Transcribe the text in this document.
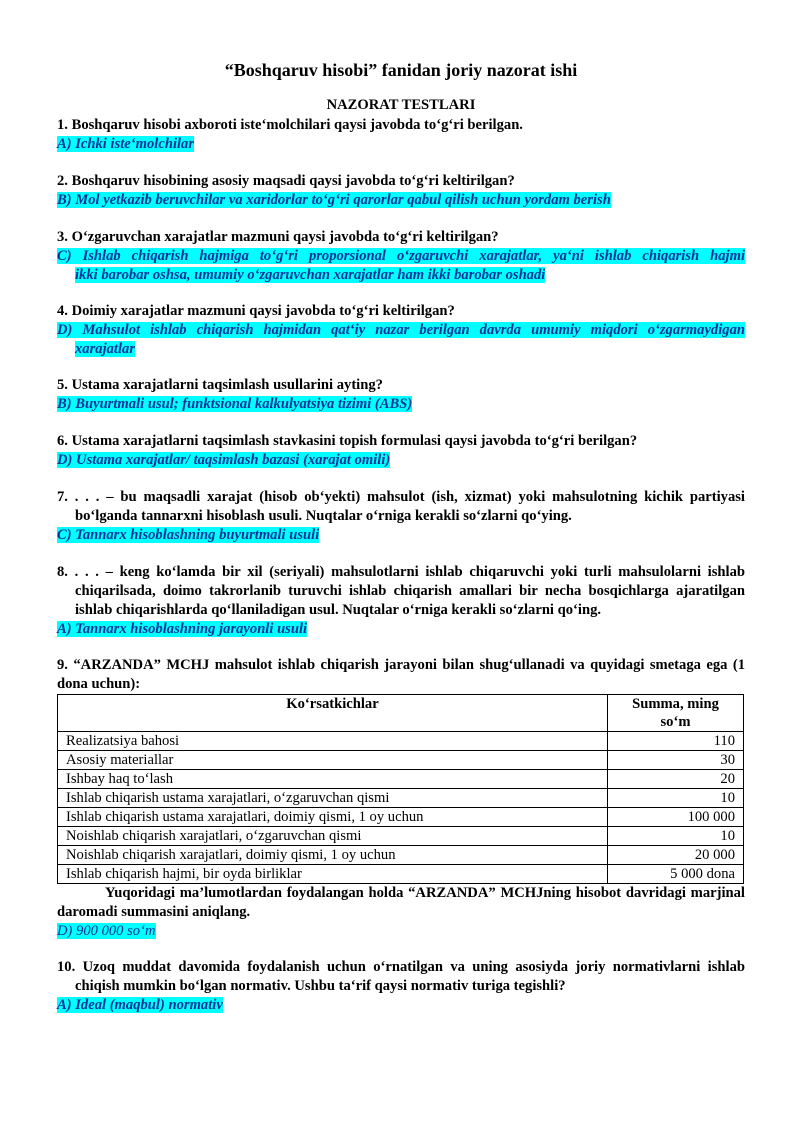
“Boshqaruv hisobi” fanidan joriy nazorat ishi
NAZORAT TESTLARI
1. Boshqaruv hisobi axboroti iste‘molchilari qaysi javobda to‘g‘ri berilgan.
A) Ichki iste‘molchilar
2. Boshqaruv hisobining asosiy maqsadi qaysi javobda to‘g‘ri keltirilgan?
B) Mol yetkazib beruvchilar va xaridorlar to‘g‘ri qarorlar qabul qilish uchun yordam berish
3. O‘zgaruvchan xarajatlar mazmuni qaysi javobda to‘g‘ri keltirilgan?
C) Ishlab chiqarish hajmiga to‘g‘ri proporsional o‘zgaruvchi xarajatlar, ya‘ni ishlab chiqarish hajmi
ikki barobar oshsa, umumiy o‘zgaruvchan xarajatlar ham ikki barobar oshadi
4. Doimiy xarajatlar mazmuni qaysi javobda to‘g‘ri keltirilgan?
D) Mahsulot ishlab chiqarish hajmidan qat‘iy nazar berilgan davrda umumiy miqdori o‘zgarmaydigan
xarajatlar
5. Ustama xarajatlarni taqsimlash usullarini ayting?
B) Buyurtmali usul; funktsional kalkulyatsiya tizimi (ABS)
6. Ustama xarajatlarni taqsimlash stavkasini topish formulasi qaysi javobda to‘g‘ri berilgan?
D) Ustama xarajatlar/ taqsimlash bazasi (xarajat omili)
7. . . . – bu maqsadli xarajat (hisob ob‘yekti) mahsulot (ish, xizmat) yoki mahsulotning kichik partiyasi bo‘lganda tannarxni hisoblash usuli. Nuqtalar o‘rniga kerakli so‘zlarni qo‘ying.
C) Tannarx hisoblashning buyurtmali usuli
8. . . . – keng ko‘lamda bir xil (seriyali) mahsulotlarni ishlab chiqaruvchi yoki turli mahsulolarni ishlab chiqarilsada, doimo takrorlanib turuvchi ishlab chiqarish amallari bir necha bosqichlarga ajaratilgan ishlab chiqarishlarda qo‘llaniladigan usul. Nuqtalar o‘rniga kerakli so‘zlarni qo‘ing.
A) Tannarx hisoblashning jarayonli usuli
9. “ARZANDA” MCHJ mahsulot ishlab chiqarish jarayoni bilan shug‘ullanadi va quyidagi smetaga ega (1 dona uchun):
Ko‘rsatkichlar	Summa, ming so‘m
Realizatsiya bahosi	110
Asosiy materiallar	30
Ishbay haq to‘lash	20
Ishlab chiqarish ustama xarajatlari, o‘zgaruvchan qismi	10
Ishlab chiqarish ustama xarajatlari, doimiy qismi, 1 oy uchun	100 000
Noishlab chiqarish xarajatlari, o‘zgaruvchan qismi	10
Noishlab chiqarish xarajatlari, doimiy qismi, 1 oy uchun	20 000
Ishlab chiqarish hajmi, bir oyda birliklar	5 000 dona
Yuqoridagi ma’lumotlardan foydalangan holda “ARZANDA” MCHJning hisobot davridagi marjinal daromadi summasini aniqlang.
D) 900 000 so‘m
10. Uzoq muddat davomida foydalanish uchun o‘rnatilgan va uning asosiyda joriy normativlarni ishlab chiqish mumkin bo‘lgan normativ. Ushbu ta‘rif qaysi normativ turiga tegishli?
A) Ideal (maqbul) normativ
